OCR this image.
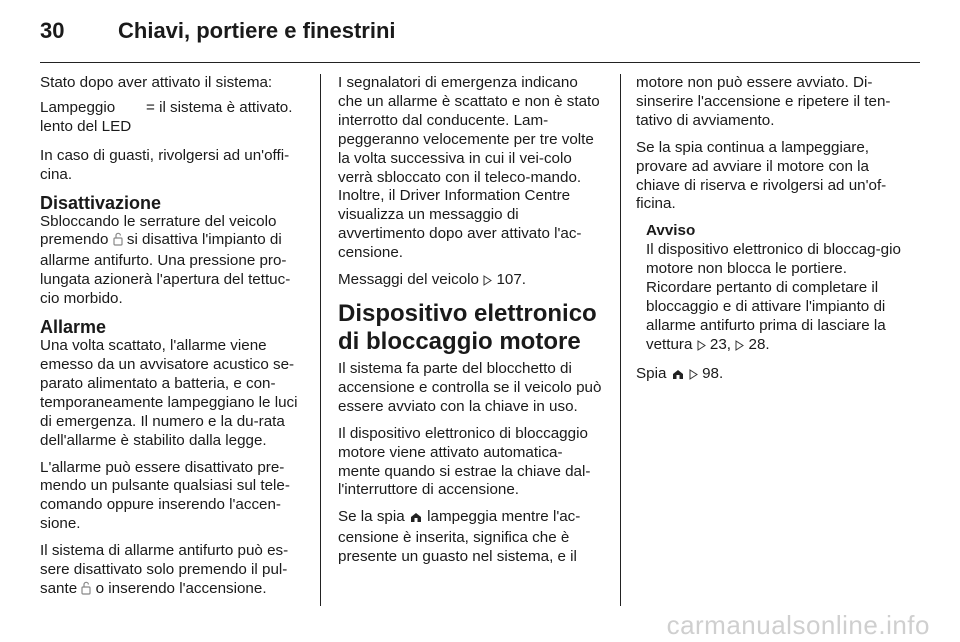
30 Chiavi, portiere e finestrini

Stato dopo aver attivato il sistema:

Lampeggio lento del LED
= il sistema è attivato.

In caso di guasti, rivolgersi ad un'offi-cina.

Disattivazione

Sbloccando le serrature del veicolo premendo si disattiva l'impianto di allarme antifurto. Una pressione pro-lungata azionerà l'apertura del tettuc-cio morbido.

Allarme

Una volta scattato, l'allarme viene emesso da un avvisatore acustico se-parato alimentato a batteria, e con-temporaneamente lampeggiano le luci di emergenza. Il numero e la du-rata dell'allarme è stabilito dalla legge.

L'allarme può essere disattivato pre-mendo un pulsante qualsiasi sul tele-comando oppure inserendo l'accen-sione.

Il sistema di allarme antifurto può es-sere disattivato solo premendo il pul-sante o inserendo l'accensione.

I segnalatori di emergenza indicano che un allarme è scattato e non è stato interrotto dal conducente. Lam-peggeranno velocemente per tre volte la volta successiva in cui il vei-colo verrà sbloccato con il teleco-mando. Inoltre, il Driver Information Centre visualizza un messaggio di avvertimento dopo aver attivato l'ac-censione.

Messaggi del veicolo 107.

Dispositivo elettronico di bloccaggio motore

Il sistema fa parte del blocchetto di accensione e controlla se il veicolo può essere avviato con la chiave in uso.

Il dispositivo elettronico di bloccaggio motore viene attivato automatica-mente quando si estrae la chiave dal-l'interruttore di accensione.

Se la spia lampeggia mentre l'ac-censione è inserita, significa che è presente un guasto nel sistema, e il

motore non può essere avviato. Di-sinserire l'accensione e ripetere il ten-tativo di avviamento.

Se la spia continua a lampeggiare, provare ad avviare il motore con la chiave di riserva e rivolgersi ad un'of-ficina.

Avviso
Il dispositivo elettronico di bloccag-gio motore non blocca le portiere. Ricordare pertanto di completare il bloccaggio e di attivare l'impianto di allarme antifurto prima di lasciare la vettura 23, 28.

Spia 98.

carmanualsonline.info
